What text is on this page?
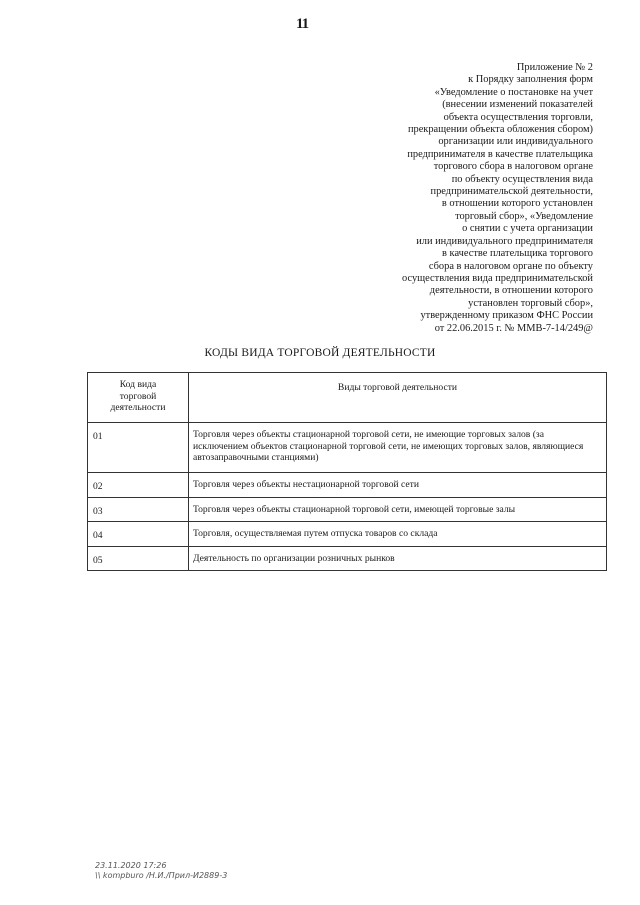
11
Приложение № 2
к Порядку заполнения форм
«Уведомление о постановке на учет
(внесении изменений показателей
объекта осуществления торговли,
прекращении объекта обложения сбором)
организации или индивидуального
предпринимателя в качестве плательщика
торгового сбора в налоговом органе
по объекту осуществления вида
предпринимательской деятельности,
в отношении которого установлен
торговый сбор», «Уведомление
о снятии с учета организации
или индивидуального предпринимателя
в качестве плательщика торгового
сбора в налоговом органе по объекту
осуществления вида предпринимательской
деятельности, в отношении которого
установлен торговый сбор»,
утвержденному приказом ФНС России
от 22.06.2015 г. № ММВ-7-14/249@
КОДЫ ВИДА ТОРГОВОЙ ДЕЯТЕЛЬНОСТИ
Код вида
торговой
деятельности	Виды торговой деятельности
01	Торговля через объекты стационарной торговой сети, не имеющие торговых залов (за исключением объектов стационарной торговой сети, не имеющих торговых залов, являющиеся автозаправочными станциями)
02	Торговля через объекты нестационарной торговой сети
03	Торговля через объекты стационарной торговой сети, имеющей торговые залы
04	Торговля, осуществляемая путем отпуска товаров со склада
05	Деятельность по организации розничных рынков
23.11.2020 17:26
\\ kompburo /Н.И./Прил-И2889-3
